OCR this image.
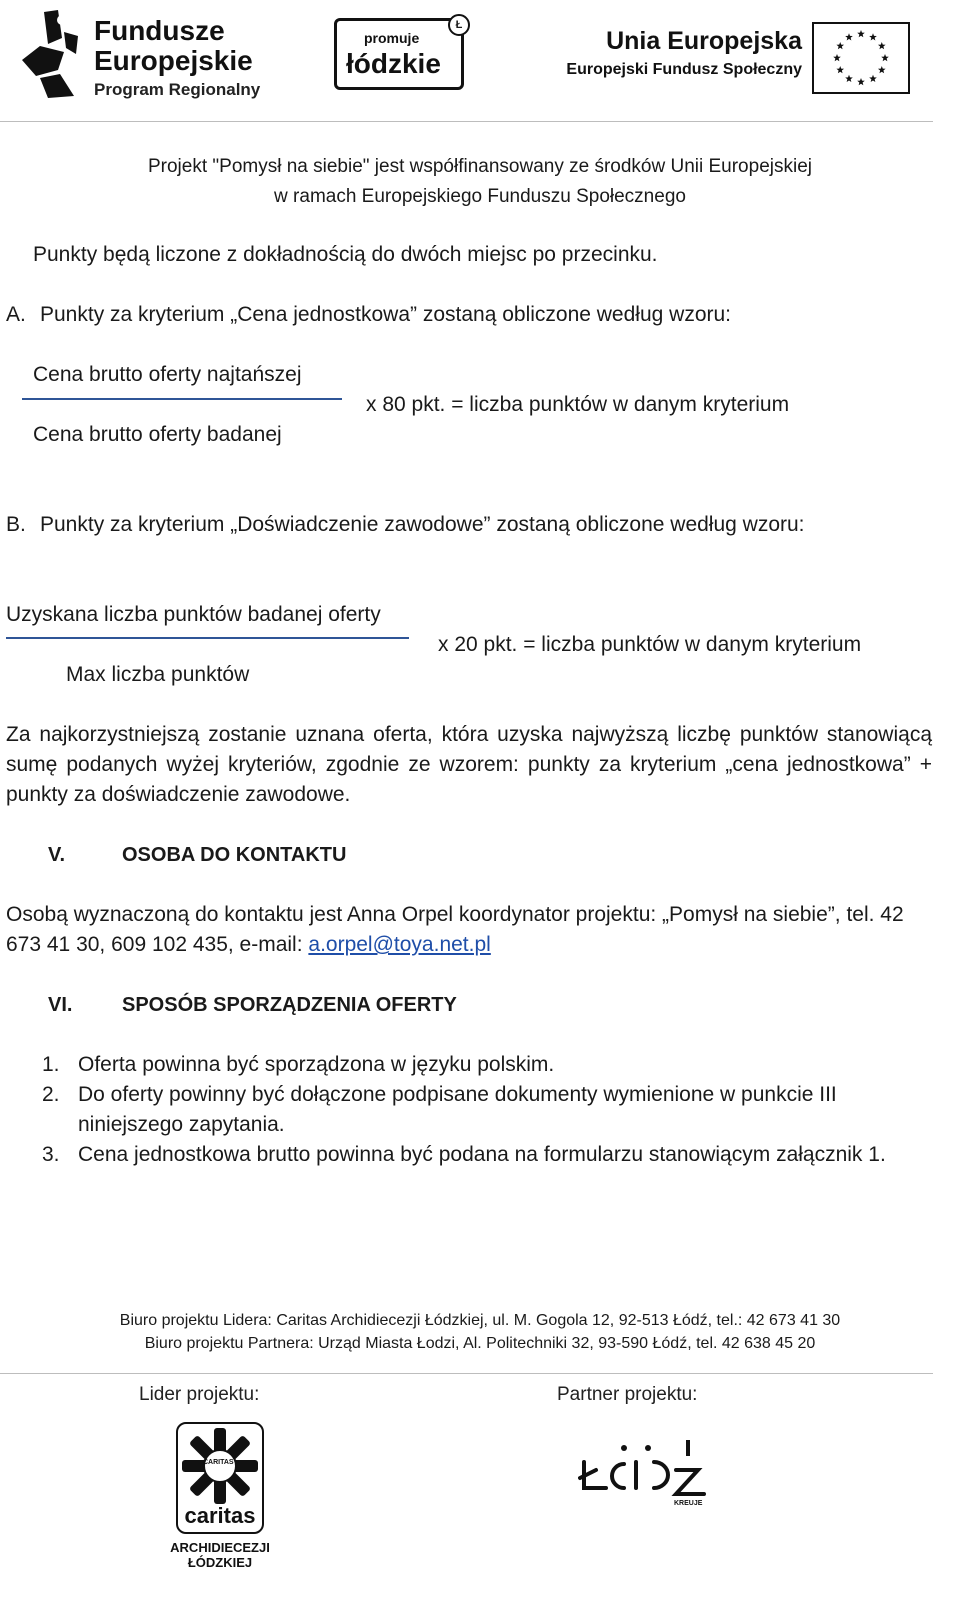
Fundusze
Europejskie
Program Regionalny
promuje
łódzkie
Ł
Unia Europejska
Europejski Fundusz Społeczny
Projekt "Pomysł na siebie" jest współfinansowany ze środków Unii Europejskiej
w ramach Europejskiego Funduszu Społecznego
Punkty będą liczone z dokładnością do dwóch miejsc po przecinku.
A. Punkty za kryterium „Cena jednostkowa” zostaną obliczone według wzoru:
Cena brutto oferty najtańszej
x 80 pkt. = liczba punktów w danym kryterium
Cena brutto oferty badanej
B. Punkty za kryterium „Doświadczenie zawodowe” zostaną obliczone według wzoru:
Uzyskana liczba punktów badanej oferty
x 20 pkt. = liczba punktów w danym kryterium
Max liczba punktów
Za najkorzystniejszą zostanie uznana oferta, która uzyska najwyższą liczbę punktów stanowiącą sumę podanych wyżej kryteriów, zgodnie ze wzorem: punkty za kryterium „cena jednostkowa” + punkty za doświadczenie zawodowe.
V.	OSOBA DO KONTAKTU
Osobą wyznaczoną do kontaktu jest Anna Orpel koordynator projektu: „Pomysł na siebie”, tel. 42 673 41 30, 609 102 435, e-mail: a.orpel@toya.net.pl
VI. SPOSÓB SPORZĄDZENIA OFERTY
1. Oferta powinna być sporządzona w języku polskim.
2. Do oferty powinny być dołączone podpisane dokumenty wymienione w punkcie III niniejszego zapytania.
3. Cena jednostkowa brutto powinna być podana na formularzu stanowiącym załącznik 1.
Biuro projektu Lidera: Caritas Archidiecezji Łódzkiej, ul. M. Gogola 12, 92-513 Łódź, tel.: 42 673 41 30
Biuro projektu Partnera: Urząd Miasta Łodzi, Al. Politechniki 32, 93-590 Łódź, tel. 42 638 45 20
Lider projektu:	Partner projektu:
CARITAS
caritas
ARCHIDIECEZJI
ŁÓDZKIEJ
KREUJE
